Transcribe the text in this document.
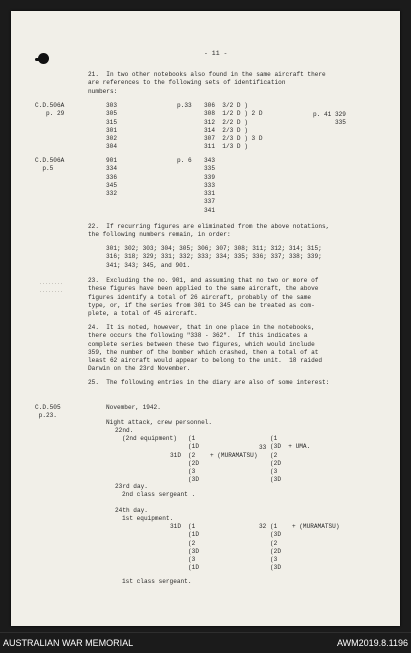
- 11 -
21.  In two other notebooks also found in the same aircraft there
are references to the following sets of identification
numbers:
C.D.506A
p. 29
303
305
315
301
302
304
p.33 306  3/2 D )
308  1/2 D ) 2 D
312  2/2 D )
314  2/3 D )
307  2/3 D ) 3 D
311  1/3 D )
p. 41 329
335
C.D.506A
p.5
901
334
336
345
332
p. 6 343
335
339
333
331
337
341
22.  If recurring figures are eliminated from the above notations,
the following numbers remain, in order:
301; 302; 303; 304; 305; 306; 307; 308; 311; 312; 314; 315;
316; 318; 329; 331; 332; 333; 334; 335; 336; 337; 338; 339;
341; 343; 345, and 901.
........
........
23.  Excluding the no. 901, and assuming that no two or more of
these figures have been applied to the same aircraft, the above
figures identify a total of 26 aircraft, probably of the same
type, or, if the series from 301 to 345 can be treated as com-
plete, a total of 45 aircraft.
24.  It is noted, however, that in one place in the notebooks,
there occurs the following "338 - 362".  If this indicates a
complete series between these two figures, which would include
359, the number of the bomber which crashed, then a total of at
least 62 aircraft would appear to belong to the unit.  18 raided
Darwin on the 23rd November.
25.  The following entries in the diary are also of some interest:
C.D.505
p.23.
November, 1942.
Night attack, crew personnel.
22nd.
(2nd equipment)
31D
(1
(1D
(2    + (MURAMATSU)
(2D
(3
(3D
33
(1
(3D  + UMA.
(2
(2D
(3
(3D
23rd day.
2nd class sergeant .
24th day.
1st equipment.
31D (1
(1D
(2
(3D
(3
(1D
32 (1    + (MURAMATSU)
(3D
(2
(2D
(3
(3D
1st class sergeant.
AUSTRALIAN WAR MEMORIAL	AWM2019.8.1196
